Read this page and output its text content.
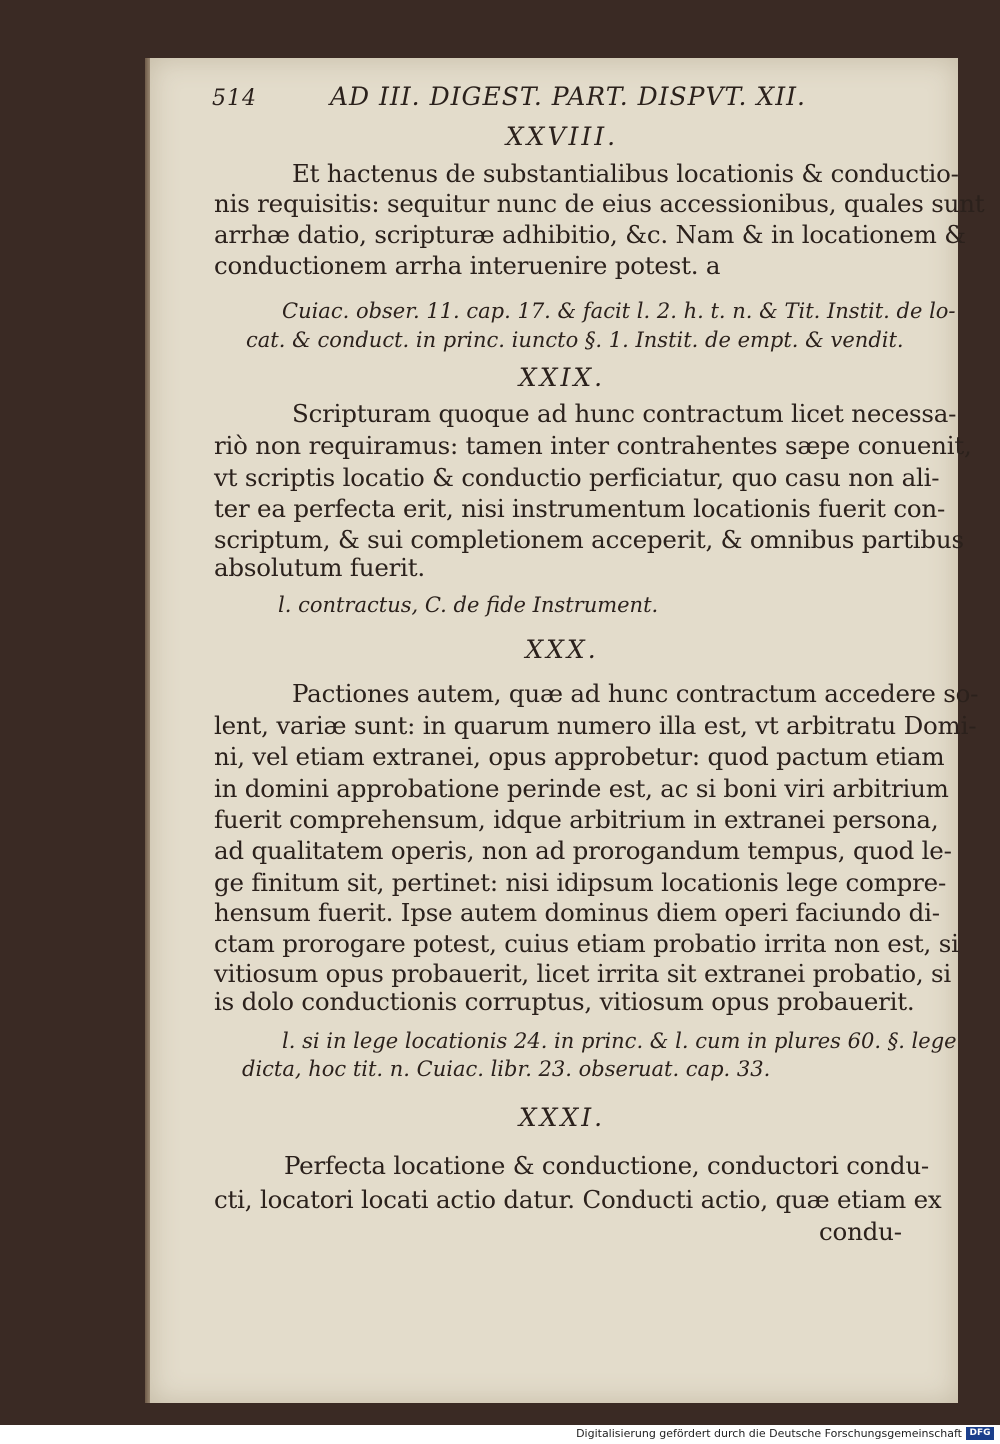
514	AD III. DIGEST. PART. DISPVT. XII.
XXVIII.
Et hactenus de substantialibus locationis & conductio-
nis requisitis: sequitur nunc de eius accessionibus, quales sunt
arrhæ datio, scripturæ adhibitio, &c. Nam & in locationem &
conductionem arrha interuenire potest. a
Cuiac. obser. 11. cap. 17. & facit l. 2. h. t. n. & Tit. Instit. de lo-
cat. & conduct. in princ. iuncto §. 1. Instit. de empt. & vendit.
XXIX.
Scripturam quoque ad hunc contractum licet necessa-
riò non requiramus: tamen inter contrahentes sæpe conuenit,
vt scriptis locatio & conductio perficiatur, quo casu non ali-
ter ea perfecta erit, nisi instrumentum locationis fuerit con-
scriptum, & sui completionem acceperit, & omnibus partibus
absolutum fuerit.
l. contractus, C. de fide Instrument.
XXX.
Pactiones autem, quæ ad hunc contractum accedere so-
lent, variæ sunt: in quarum numero illa est, vt arbitratu Domi-
ni, vel etiam extranei, opus approbetur: quod pactum etiam
in domini approbatione perinde est, ac si boni viri arbitrium
fuerit comprehensum, idque arbitrium in extranei persona,
ad qualitatem operis, non ad prorogandum tempus, quod le-
ge finitum sit, pertinet: nisi idipsum locationis lege compre-
hensum fuerit. Ipse autem dominus diem operi faciundo di-
ctam prorogare potest, cuius etiam probatio irrita non est, si
vitiosum opus probauerit, licet irrita sit extranei probatio, si
is dolo conductionis corruptus, vitiosum opus probauerit.
l. si in lege locationis 24. in princ. & l. cum in plures 60. §. lege
dicta, hoc tit. n. Cuiac. libr. 23. obseruat. cap. 33.
XXXI.
Perfecta locatione & conductione, conductori condu-
cti, locatori locati actio datur. Conducti actio, quæ etiam ex
condu-
Digitalisierung gefördert durch die Deutsche Forschungsgemeinschaft DFG
